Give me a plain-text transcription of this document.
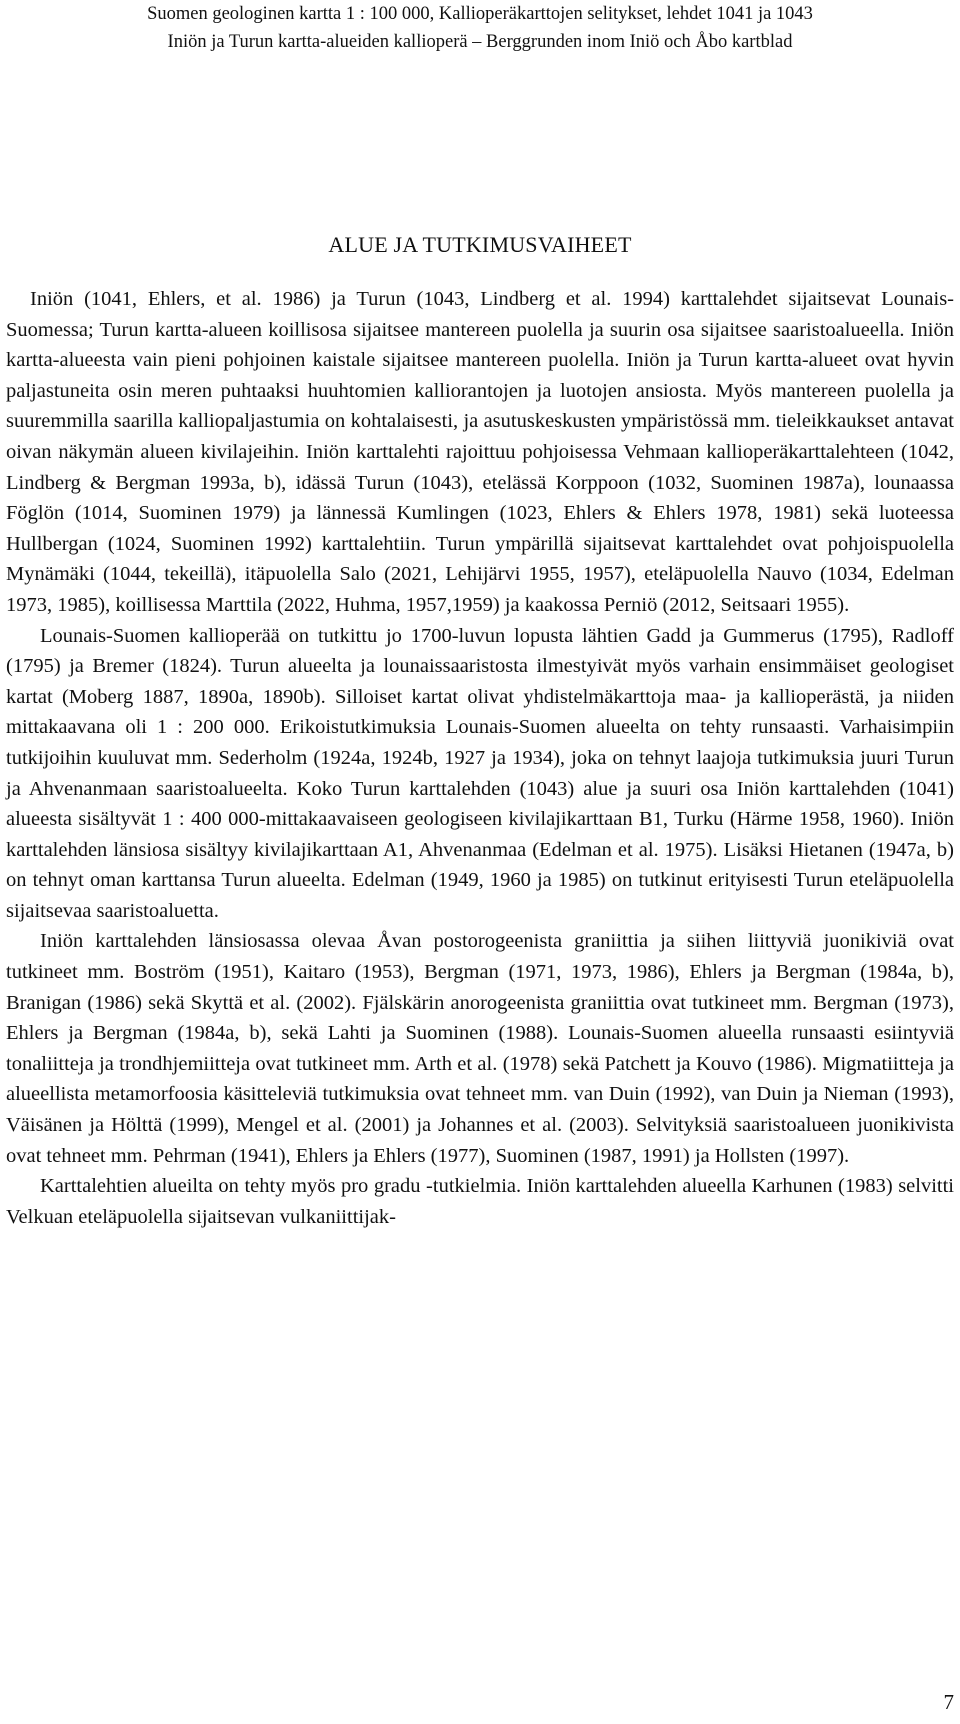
Suomen geologinen kartta 1 : 100 000, Kallioperäkarttojen selitykset, lehdet 1041 ja 1043
Iniön ja Turun kartta-alueiden kallioperä – Berggrunden inom Iniö och Åbo kartblad
ALUE JA TUTKIMUSVAIHEET

Iniön (1041, Ehlers, et al. 1986) ja Turun (1043, Lindberg et al. 1994) karttalehdet sijaitsevat Lounais-Suomessa; Turun kartta-alueen koillisosa sijaitsee mantereen puolella ja suurin osa sijaitsee saaristoalueella. Iniön kartta-alueesta vain pieni pohjoinen kaistale sijaitsee mantereen puolella. Iniön ja Turun kartta-alueet ovat hyvin paljastuneita osin meren puhtaaksi huuhtomien kalliorantojen ja luotojen ansiosta. Myös mantereen puolella ja suuremmilla saarilla kalliopaljastumia on kohtalaisesti, ja asutuskeskusten ympäristössä mm. tieleikkaukset antavat oivan näkymän alueen kivilajeihin. Iniön karttalehti rajoittuu pohjoisessa Vehmaan kallioperäkarttalehteen (1042, Lindberg & Bergman 1993a, b), idässä Turun (1043), etelässä Korppoon (1032, Suominen 1987a), lounaassa Föglön (1014, Suominen 1979) ja lännessä Kumlingen (1023, Ehlers & Ehlers 1978, 1981) sekä luoteessa Hullbergan (1024, Suominen 1992) karttalehtiin. Turun ympärillä sijaitsevat karttalehdet ovat pohjoispuolella Mynämäki (1044, tekeillä), itäpuolella Salo (2021, Lehijärvi 1955, 1957), eteläpuolella Nauvo (1034, Edelman 1973, 1985), koillisessa Marttila (2022, Huhma, 1957,1959) ja kaakossa Perniö (2012, Seitsaari 1955).

Lounais-Suomen kallioperää on tutkittu jo 1700-luvun lopusta lähtien Gadd ja Gummerus (1795), Radloff (1795) ja Bremer (1824). Turun alueelta ja lounaissaaristosta ilmestyivät myös varhain ensimmäiset geologiset kartat (Moberg 1887, 1890a, 1890b). Silloiset kartat olivat yhdistelmäkarttoja maa- ja kallioperästä, ja niiden mittakaavana oli 1 : 200 000. Erikoistutkimuksia Lounais-Suomen alueelta on tehty runsaasti. Varhaisimpiin tutkijoihin kuuluvat mm. Sederholm (1924a, 1924b, 1927 ja 1934), joka on tehnyt laajoja tutkimuksia juuri Turun ja Ahvenanmaan saaristoalueelta. Koko Turun karttalehden (1043) alue ja suuri osa Iniön karttalehden (1041) alueesta sisältyvät 1 : 400 000-mittakaavaiseen geologiseen kivilajikarttaan B1, Turku (Härme 1958, 1960). Iniön karttalehden länsiosa sisältyy kivilajikarttaan A1, Ahvenanmaa (Edelman et al. 1975). Lisäksi Hietanen (1947a, b) on tehnyt oman karttansa Turun alueelta. Edelman (1949, 1960 ja 1985) on tutkinut erityisesti Turun eteläpuolella sijaitsevaa saaristoaluetta.

Iniön karttalehden länsiosassa olevaa Åvan postorogeenista graniittia ja siihen liittyviä juonikiviä ovat tutkineet mm. Boström (1951), Kaitaro (1953), Bergman (1971, 1973, 1986), Ehlers ja Bergman (1984a, b), Branigan (1986) sekä Skyttä et al. (2002). Fjälskärin anorogeenista graniittia ovat tutkineet mm. Bergman (1973), Ehlers ja Bergman (1984a, b), sekä Lahti ja Suominen (1988). Lounais-Suomen alueella runsaasti esiintyviä tonaliitteja ja trondhjemiitteja ovat tutkineet mm. Arth et al. (1978) sekä Patchett ja Kouvo (1986). Migmatiitteja ja alueellista metamorfoosia käsitteleviä tutkimuksia ovat tehneet mm. van Duin (1992), van Duin ja Nieman (1993), Väisänen ja Hölttä (1999), Mengel et al. (2001) ja Johannes et al. (2003). Selvityksiä saaristoalueen juonikivista ovat tehneet mm. Pehrman (1941), Ehlers ja Ehlers (1977), Suominen (1987, 1991) ja Hollsten (1997).

Karttalehtien alueilta on tehty myös pro gradu -tutkielmia. Iniön karttalehden alueella Karhunen (1983) selvitti Velkuan eteläpuolella sijaitsevan vulkaniittijak-

7
